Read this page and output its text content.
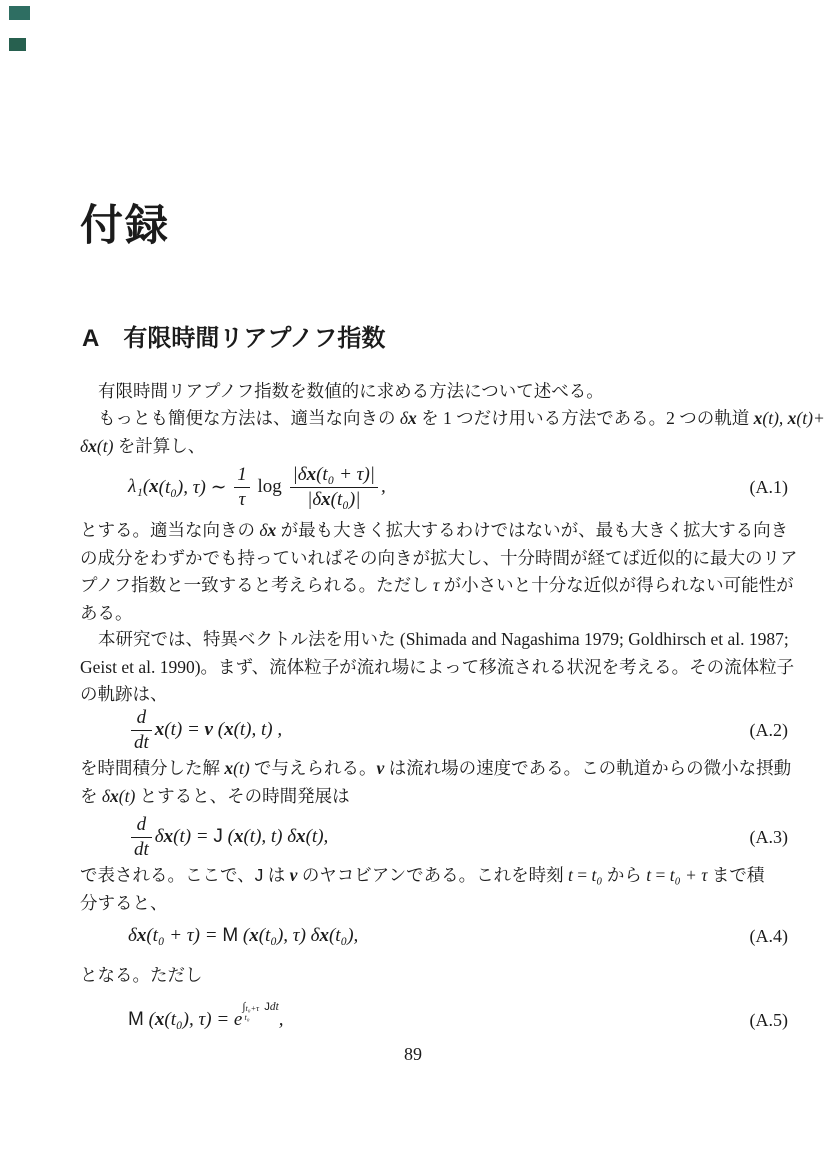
付録
A 有限時間リアプノフ指数
有限時間リアプノフ指数を数値的に求める方法について述べる。
もっとも簡便な方法は、適当な向きの δx を 1 つだけ用いる方法である。2 つの軌道 x(t), x(t)+
δx(t) を計算し、
λ₁( x (t₀), τ) ∼ $\frac{1}{\tau}$ $\log \frac{\text{|δ x (t₀ + τ)|}}{\text{|δ x (t₀)|}}$ ,	(A.1)
とする。適当な向きの δx が最も大きく拡大するわけではないが、最も大きく拡大する向き
の成分をわずかでも持っていればその向きが拡大し、十分時間が経てば近似的に最大のリア
プノフ指数と一致すると考えられる。ただし τ が小さいと十分な近似が得られない可能性が
ある。
本研究では、特異ベクトル法を用いた (Shimada and Nagashima 1979; Goldhirsch et al. 1987;
Geist et al. 1990)。まず、流体粒子が流れ場によって移流される状況を考える。その流体粒子
の軌跡は、
$\frac{d}{dt}$ x (t) = v ( x (t), t) ,	(A.2)
を時間積分した解 x(t) で与えられる。v は流れ場の速度である。この軌道からの微小な摂動
を δx(t) とすると、その時間発展は
$\frac{d}{dt}$ δ x (t) = J ( x (t), t) δ x (t),	(A.3)
で表される。ここで、J は v のヤコビアンである。これを時刻 t = t₀ から t = t₀ + τ まで積
分すると、
δ x (t₀ + τ) = M ( x (t₀), τ) δ x (t₀),	(A.4)
となる。ただし
M ( x (t₀), τ) = e
$^{\int t_0+\tau t_0 J dt}$
,	(A.5)
89
